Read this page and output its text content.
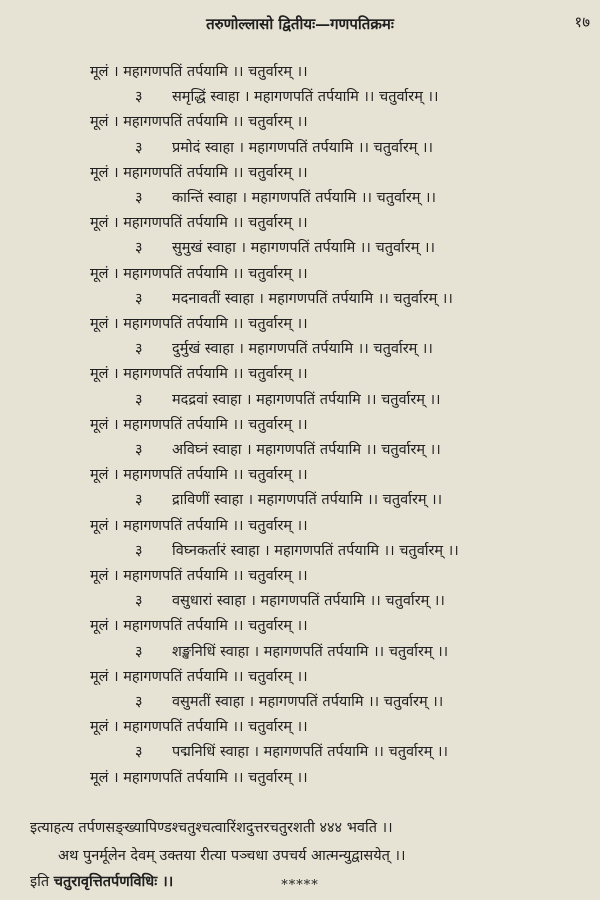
तरुणोल्लासो द्वितीयः—गणपतिक्रमः	१७
मूलं । महागणपतिं तर्पयामि ।। चतुर्वारम् ।।
३	समृद्धिं स्वाहा । महागणपतिं तर्पयामि ।। चतुर्वारम् ।।
मूलं । महागणपतिं तर्पयामि ।। चतुर्वारम् ।।
३	प्रमोदं स्वाहा । महागणपतिं तर्पयामि ।। चतुर्वारम् ।।
मूलं । महागणपतिं तर्पयामि ।। चतुर्वारम् ।।
३	कान्तिं स्वाहा । महागणपतिं तर्पयामि ।। चतुर्वारम् ।।
मूलं । महागणपतिं तर्पयामि ।। चतुर्वारम् ।।
३	सुमुखं स्वाहा । महागणपतिं तर्पयामि ।। चतुर्वारम् ।।
मूलं । महागणपतिं तर्पयामि ।। चतुर्वारम् ।।
३	मदनावतीं स्वाहा । महागणपतिं तर्पयामि ।। चतुर्वारम् ।।
मूलं । महागणपतिं तर्पयामि ।। चतुर्वारम् ।।
३	दुर्मुखं स्वाहा । महागणपतिं तर्पयामि ।। चतुर्वारम् ।।
मूलं । महागणपतिं तर्पयामि ।। चतुर्वारम् ।।
३	मदद्रवां स्वाहा । महागणपतिं तर्पयामि ।। चतुर्वारम् ।।
मूलं । महागणपतिं तर्पयामि ।। चतुर्वारम् ।।
३	अविघ्नं स्वाहा । महागणपतिं तर्पयामि ।। चतुर्वारम् ।।
मूलं । महागणपतिं तर्पयामि ।। चतुर्वारम् ।।
३	द्राविणीं स्वाहा । महागणपतिं तर्पयामि ।। चतुर्वारम् ।।
मूलं । महागणपतिं तर्पयामि ।। चतुर्वारम् ।।
३	विघ्नकर्तारं स्वाहा । महागणपतिं तर्पयामि ।। चतुर्वारम् ।।
मूलं । महागणपतिं तर्पयामि ।। चतुर्वारम् ।।
३	वसुधारां स्वाहा । महागणपतिं तर्पयामि ।। चतुर्वारम् ।।
मूलं । महागणपतिं तर्पयामि ।। चतुर्वारम् ।।
३	शङ्खनिधिं स्वाहा । महागणपतिं तर्पयामि ।। चतुर्वारम् ।।
मूलं । महागणपतिं तर्पयामि ।। चतुर्वारम् ।।
३	वसुमतीं स्वाहा । महागणपतिं तर्पयामि ।। चतुर्वारम् ।।
मूलं । महागणपतिं तर्पयामि ।। चतुर्वारम् ।।
३	पद्मनिधिं स्वाहा । महागणपतिं तर्पयामि ।। चतुर्वारम् ।।
मूलं । महागणपतिं तर्पयामि ।। चतुर्वारम् ।।
इत्याहत्य तर्पणसङ्ख्यापिण्डश्चतुश्चत्वारिंशदुत्तरचतुरशती ४४४ भवति ।।
अथ पुनर्मूलेन देवम् उक्तया रीत्या पञ्चधा उपचर्य आत्मन्युद्वासयेत् ।।
इति चतुरावृत्तितर्पणविधिः ।।	*****
